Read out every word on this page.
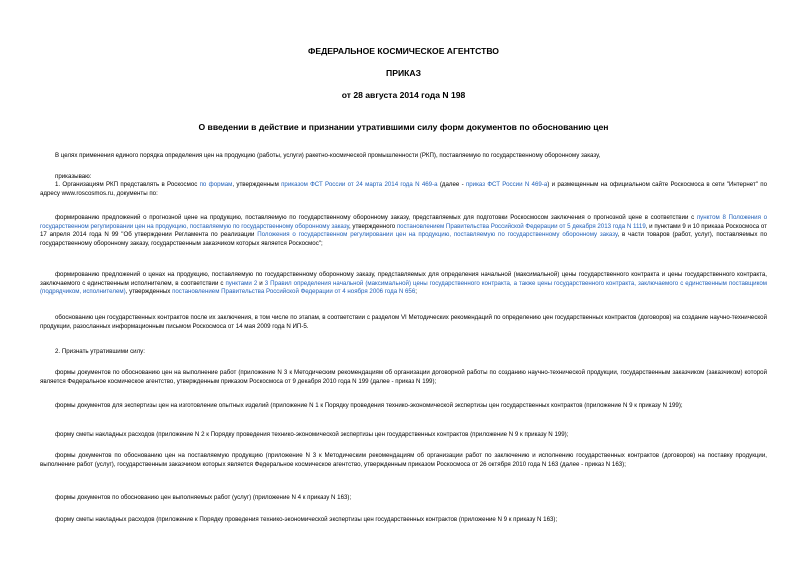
ФЕДЕРАЛЬНОЕ КОСМИЧЕСКОЕ АГЕНТСТВО
ПРИКАЗ
от 28 августа 2014 года N 198
О введении в действие и признании утратившими силу форм документов по обоснованию цен

В целях применения единого порядка определения цен на продукцию (работы, услуги) ракетно-космической промышленности (РКП), поставляемую по государственному оборонному заказу,

приказываю:

1. Организациям РКП представлять в Роскосмос по формам, утвержденным приказом ФСТ России от 24 марта 2014 года N 469-а (далее - приказ ФСТ России N 469-а) и размещенным на официальном сайте Роскосмоса в сети "Интернет" по адресу www.roscosmos.ru, документы по:

формированию предложений о прогнозной цене на продукцию, поставляемую по государственному оборонному заказу, представляемых для подготовки Роскосмосом заключения о прогнозной цене в соответствии с пунктом 8 Положения о государственном регулировании цен на продукцию, поставляемую по государственному оборонному заказу, утвержденного постановлением Правительства Российской Федерации от 5 декабря 2013 года N 1119, и пунктами 9 и 10 приказа Роскосмоса от 17 апреля 2014 года N 99 "Об утверждении Регламента по реализации Положения о государственном регулировании цен на продукцию, поставляемую по государственному оборонному заказу, в части товаров (работ, услуг), поставляемых по государственному оборонному заказу, государственным заказчиком которых является Роскосмос";

формированию предложений о ценах на продукцию, поставляемую по государственному оборонному заказу, представляемых для определения начальной (максимальной) цены государственного контракта и цены государственного контракта, заключаемого с единственным исполнителем, в соответствии с пунктами 2 и 3 Правил определения начальной (максимальной) цены государственного контракта, а также цены государственного контракта, заключаемого с единственным поставщиком (подрядчиком, исполнителем), утвержденных постановлением Правительства Российской Федерации от 4 ноября 2006 года N 656;

обоснованию цен государственных контрактов после их заключения, в том числе по этапам, в соответствии с разделом VI Методических рекомендаций по определению цен государственных контрактов (договоров) на создание научно-технической продукции, разосланных информационным письмом Роскосмоса от 14 мая 2009 года N ИП-5.

2. Признать утратившими силу:

формы документов по обоснованию цен на выполнение работ (приложение N 3 к Методическим рекомендациям об организации договорной работы по созданию научно-технической продукции, государственным заказчиком (заказчиком) которой является Федеральное космическое агентство, утвержденным приказом Роскосмоса от 9 декабря 2010 года N 199 (далее - приказ N 199);

формы документов для экспертизы цен на изготовление опытных изделий (приложение N 1 к Порядку проведения технико-экономической экспертизы цен государственных контрактов (приложение N 9 к приказу N 199);

форму сметы накладных расходов (приложение N 2 к Порядку проведения технико-экономической экспертизы цен государственных контрактов (приложение N 9 к приказу N 199);

формы документов по обоснованию цен на поставляемую продукцию (приложение N 3 к Методическим рекомендациям об организации работ по заключению и исполнению государственных контрактов (договоров) на поставку продукции, выполнение работ (услуг), государственным заказчиком которых является Федеральное космическое агентство, утвержденным приказом Роскосмоса от 26 октября 2010 года N 163 (далее - приказ N 163);

формы документов по обоснованию цен выполняемых работ (услуг) (приложение N 4 к приказу N 163);

форму сметы накладных расходов (приложение к Порядку проведения технико-экономической экспертизы цен государственных контрактов (приложение N 9 к приказу N 163);
